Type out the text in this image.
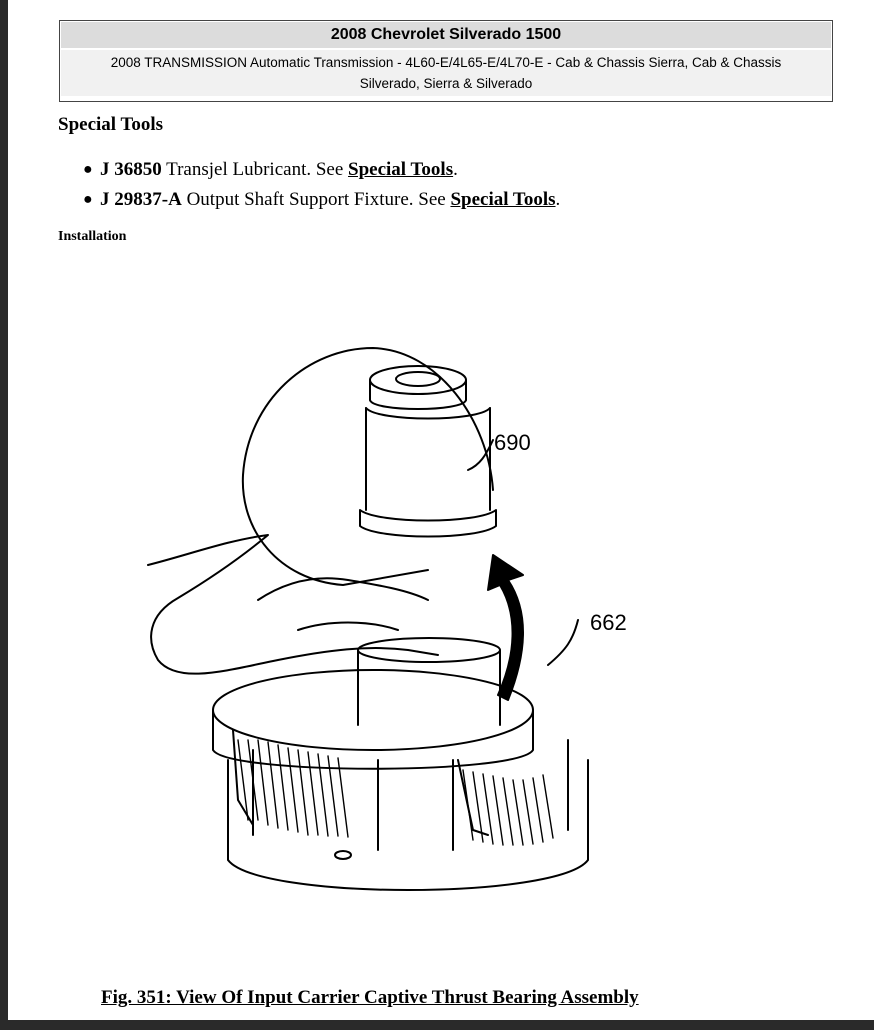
2008 Chevrolet Silverado 1500
2008 TRANSMISSION Automatic Transmission - 4L60-E/4L65-E/4L70-E - Cab & Chassis Sierra, Cab & Chassis Silverado, Sierra & Silverado
Special Tools
● J 36850 Transjel Lubricant. See Special Tools.
● J 29837-A Output Shaft Support Fixture. See Special Tools.
Installation
690
662
Fig. 351: View Of Input Carrier Captive Thrust Bearing Assembly
